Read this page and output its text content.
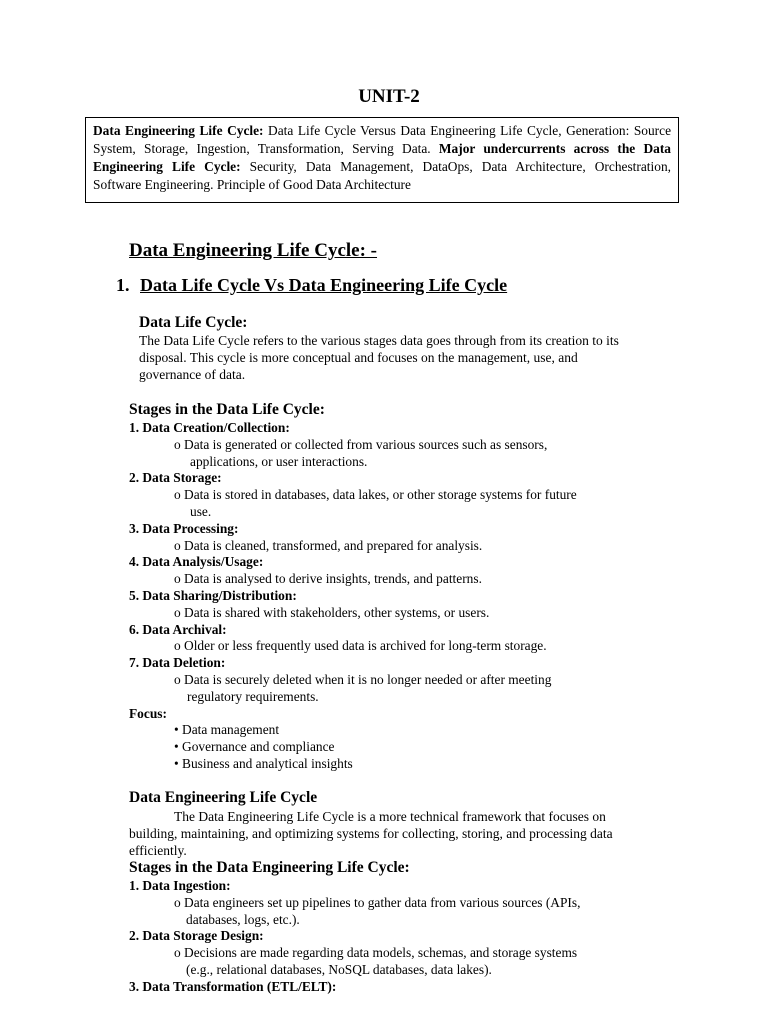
UNIT-2
Data Engineering Life Cycle: Data Life Cycle Versus Data Engineering Life Cycle, Generation: Source System, Storage, Ingestion, Transformation, Serving Data. Major undercurrents across the Data Engineering Life Cycle: Security, Data Management, DataOps, Data Architecture, Orchestration, Software Engineering. Principle of Good Data Architecture
Data Engineering Life Cycle: -
1. Data Life Cycle Vs Data Engineering Life Cycle
Data Life Cycle:
The Data Life Cycle refers to the various stages data goes through from its creation to its
disposal. This cycle is more conceptual and focuses on the management, use, and
governance of data.
Stages in the Data Life Cycle:
1. Data Creation/Collection:
o Data is generated or collected from various sources such as sensors,
applications, or user interactions.
2. Data Storage:
o Data is stored in databases, data lakes, or other storage systems for future
use.
3. Data Processing:
o Data is cleaned, transformed, and prepared for analysis.
4. Data Analysis/Usage:
o Data is analysed to derive insights, trends, and patterns.
5. Data Sharing/Distribution:
o Data is shared with stakeholders, other systems, or users.
6. Data Archival:
o Older or less frequently used data is archived for long-term storage.
7. Data Deletion:
o Data is securely deleted when it is no longer needed or after meeting
regulatory requirements.
Focus:
• Data management
• Governance and compliance
• Business and analytical insights
Data Engineering Life Cycle
The Data Engineering Life Cycle is a more technical framework that focuses on
building, maintaining, and optimizing systems for collecting, storing, and processing data
efficiently.
Stages in the Data Engineering Life Cycle:
1. Data Ingestion:
o Data engineers set up pipelines to gather data from various sources (APIs,
databases, logs, etc.).
2. Data Storage Design:
o Decisions are made regarding data models, schemas, and storage systems
(e.g., relational databases, NoSQL databases, data lakes).
3. Data Transformation (ETL/ELT):
